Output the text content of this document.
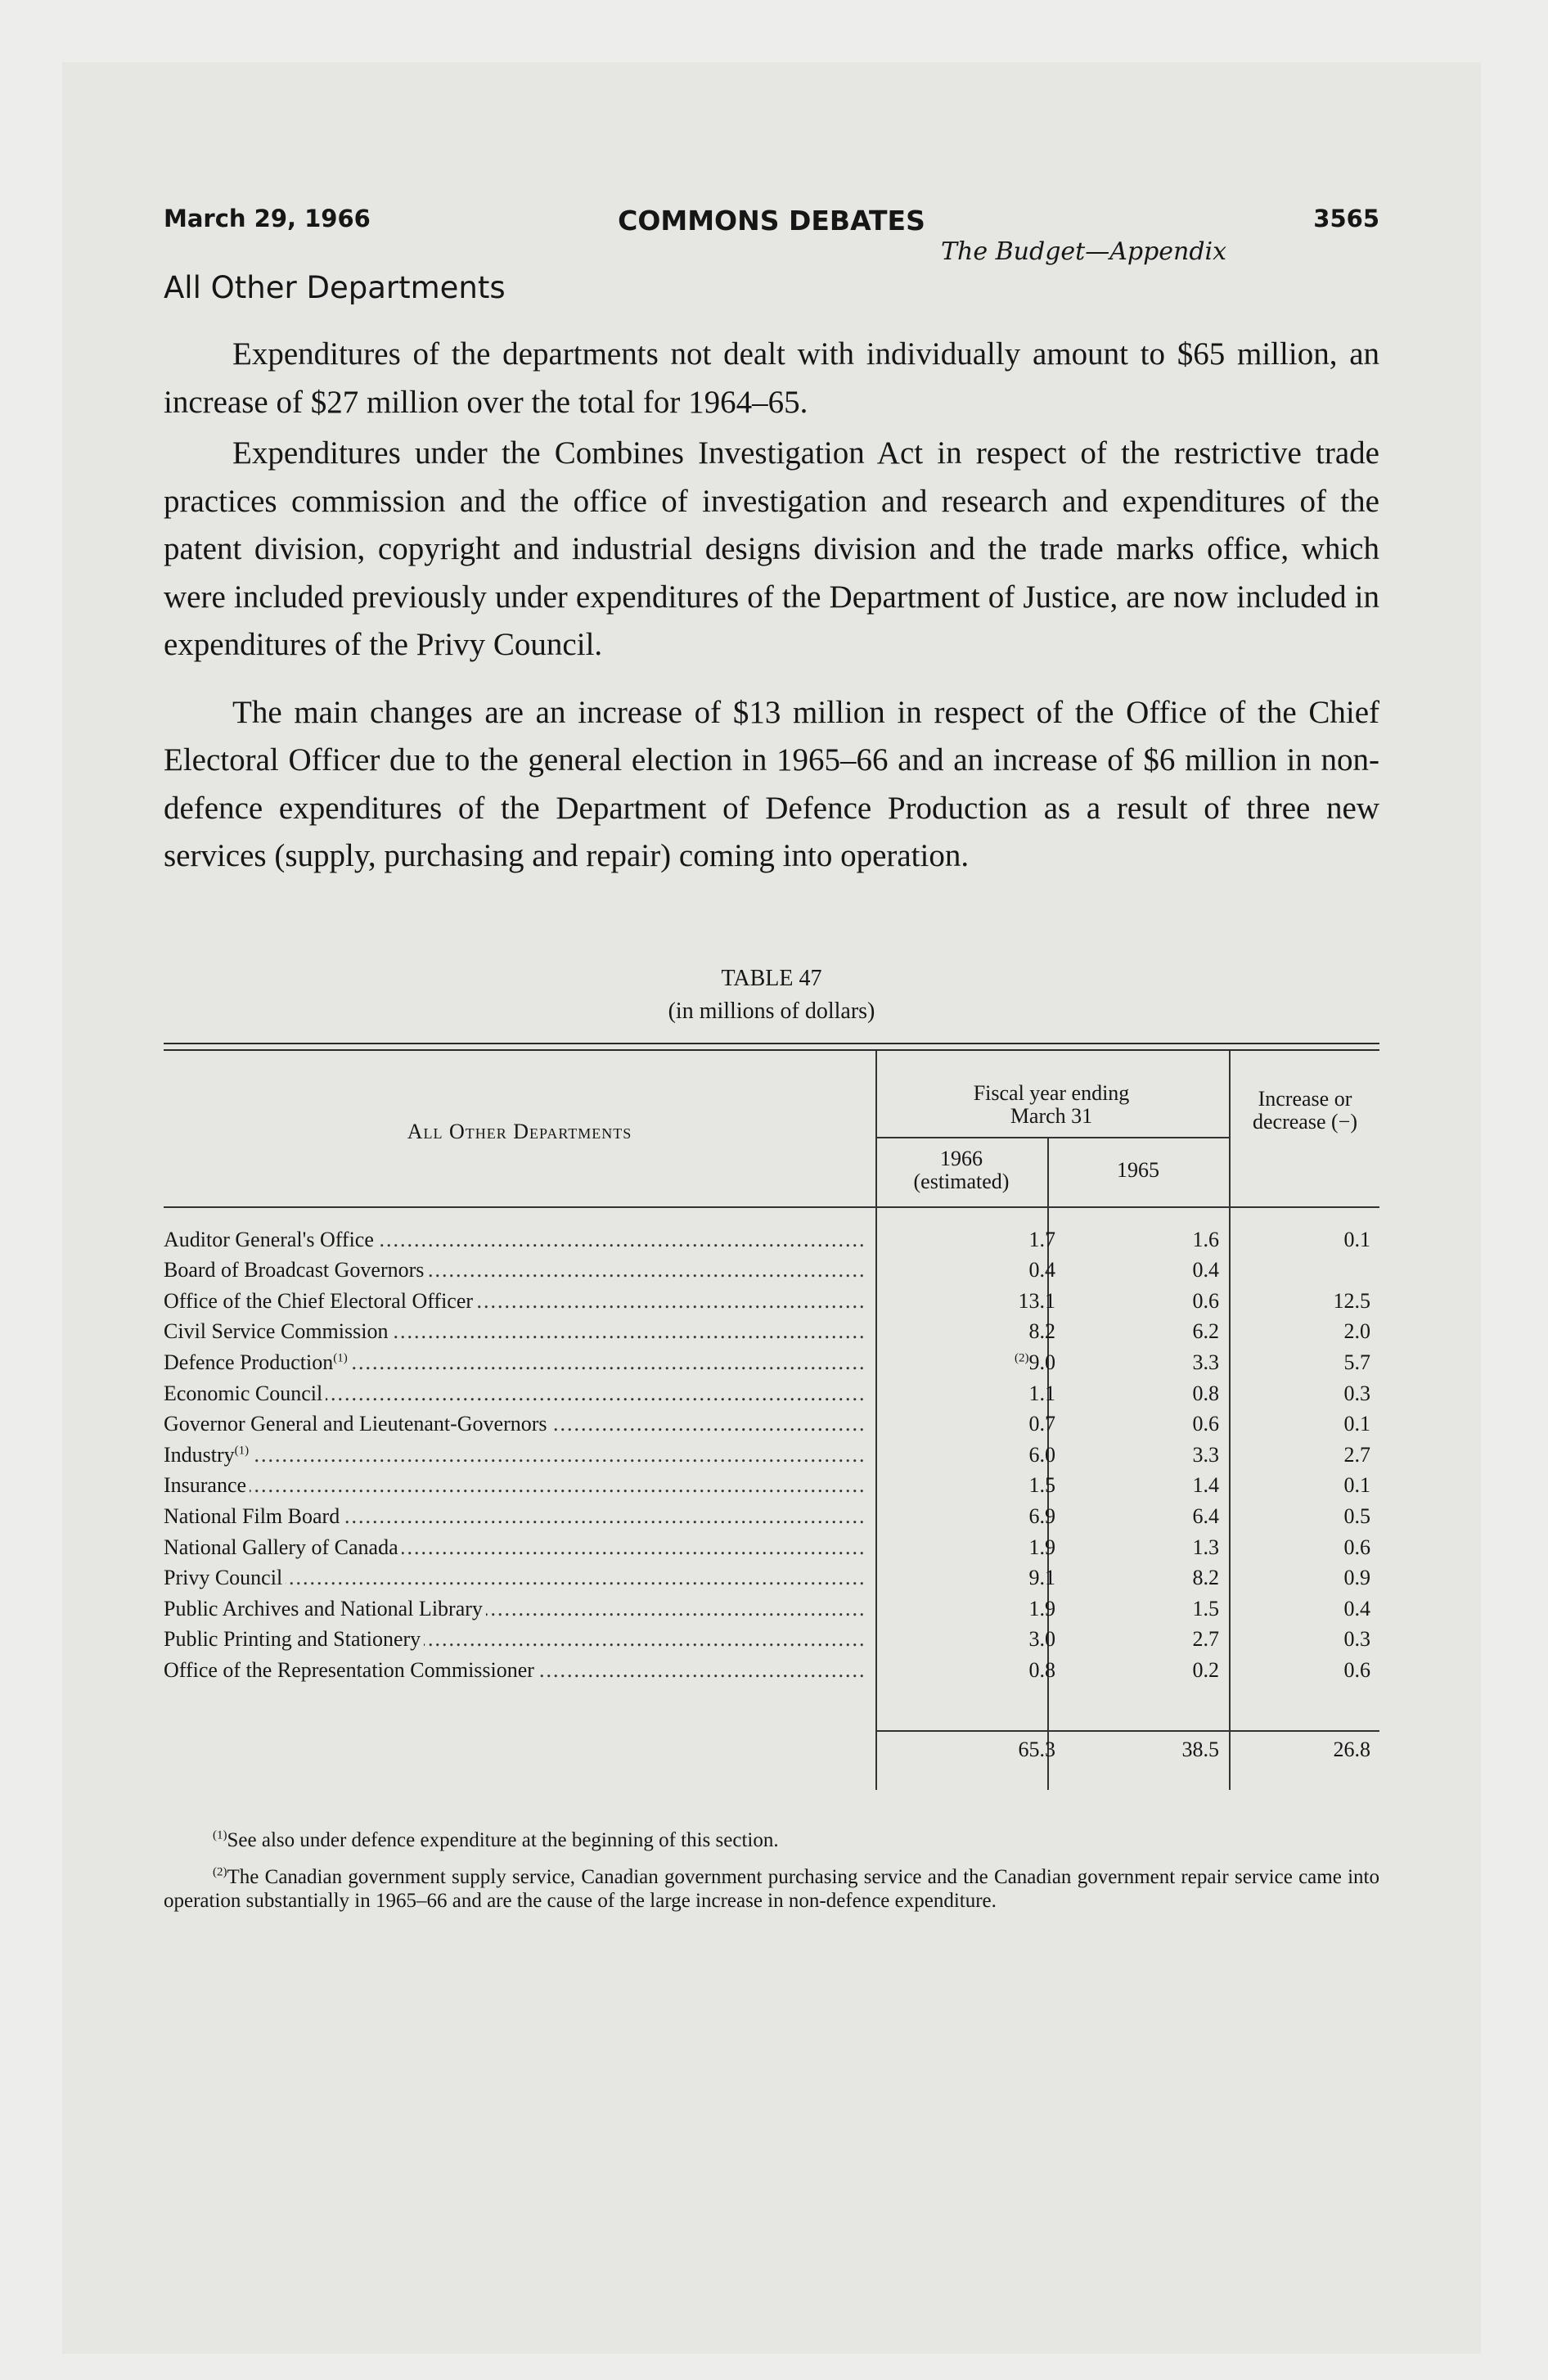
March 29, 1966	COMMONS DEBATES	3565
The Budget—Appendix
All Other Departments

Expenditures of the departments not dealt with individually amount to $65 million, an increase of $27 million over the total for 1964–65.

Expenditures under the Combines Investigation Act in respect of the restrictive trade practices commission and the office of investigation and research and expenditures of the patent division, copyright and industrial designs division and the trade marks office, which were included previously under expenditures of the Department of Justice, are now included in expenditures of the Privy Council.

The main changes are an increase of $13 million in respect of the Office of the Chief Electoral Officer due to the general election in 1965–66 and an increase of $6 million in non-defence expenditures of the Department of Defence Production as a result of three new services (supply, purchasing and repair) coming into operation.

TABLE 47
(in millions of dollars)
All Other Departments
Fiscal year ending March 31
1966
(estimated)	1965
Increase or decrease (−)
Auditor General's Office .....	1.7	1.6	0.1
Board of Broadcast Governors .....	0.4	0.4
Office of the Chief Electoral Officer .....	13.1	0.6	12.5
Civil Service Commission .....	8.2	6.2	2.0
Defence Production$^{(1)}$ .....	$^{(2)}$9.0	3.3	5.7
Economic Council .....	1.1	0.8	0.3
Governor General and Lieutenant-Governors .....	0.7	0.6	0.1
Industry$^{(1)}$ .....	6.0	3.3	2.7
Insurance .....	1.5	1.4	0.1
National Film Board .....	6.9	6.4	0.5
National Gallery of Canada .....	1.9	1.3	0.6
Privy Council .....	9.1	8.2	0.9
Public Archives and National Library .....	1.9	1.5	0.4
Public Printing and Stationery .....	3.0	2.7	0.3
Office of the Representation Commissioner .....	0.8	0.2	0.6
65.3	38.5	26.8

$^{(1)}$See also under defence expenditure at the beginning of this section.

$^{(2)}$The Canadian government supply service, Canadian government purchasing service and the Canadian government repair service came into operation substantially in 1965–66 and are the cause of the large increase in non-defence expenditure.
